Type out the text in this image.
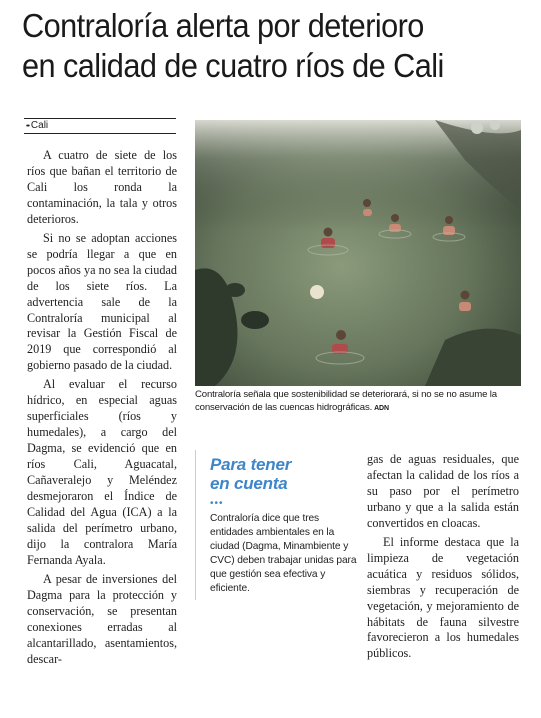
Contraloría alerta por deterioro
en calidad de cuatro ríos de Cali
•• Cali

A cuatro de siete de los ríos que bañan el territorio de Cali los ronda la contaminación, la tala y otros deterioros.

Si no se adoptan acciones se podría llegar a que en pocos años ya no sea la ciudad de los siete ríos. La advertencia sale de la Contraloría municipal al revisar la Gestión Fiscal de 2019 que correspondió al gobierno pasado de la ciudad.

Al evaluar el recurso hídrico, en especial aguas superficiales (ríos y humedales), a cargo del Dagma, se evidenció que en ríos Cali, Aguacatal, Cañaveralejo y Meléndez desmejoraron el Índice de Calidad del Agua (ICA) a la salida del perímetro urbano, dijo la contralora María Fernanda Ayala.

A pesar de inversiones del Dagma para la protección y conservación, se presentan conexiones erradas al alcantarillado, asentamientos, descar-

Contraloría señala que sostenibilidad se deteriorará, si no se no asume la conservación de las cuencas hidrográficas. ADN
Para tener
en cuenta
•••
Contraloría dice que tres entidades ambientales en la ciudad (Dagma, Minambiente y CVC) deben trabajar unidas para que gestión sea efectiva y eficiente.

gas de aguas residuales, que afectan la calidad de los ríos a su paso por el perímetro urbano y que a la salida están convertidos en cloacas.

El informe destaca que la limpieza de vegetación acuática y residuos sólidos, siembras y recuperación de vegetación, y mejoramiento de hábitats de fauna silvestre favorecieron a los humedales públicos.
